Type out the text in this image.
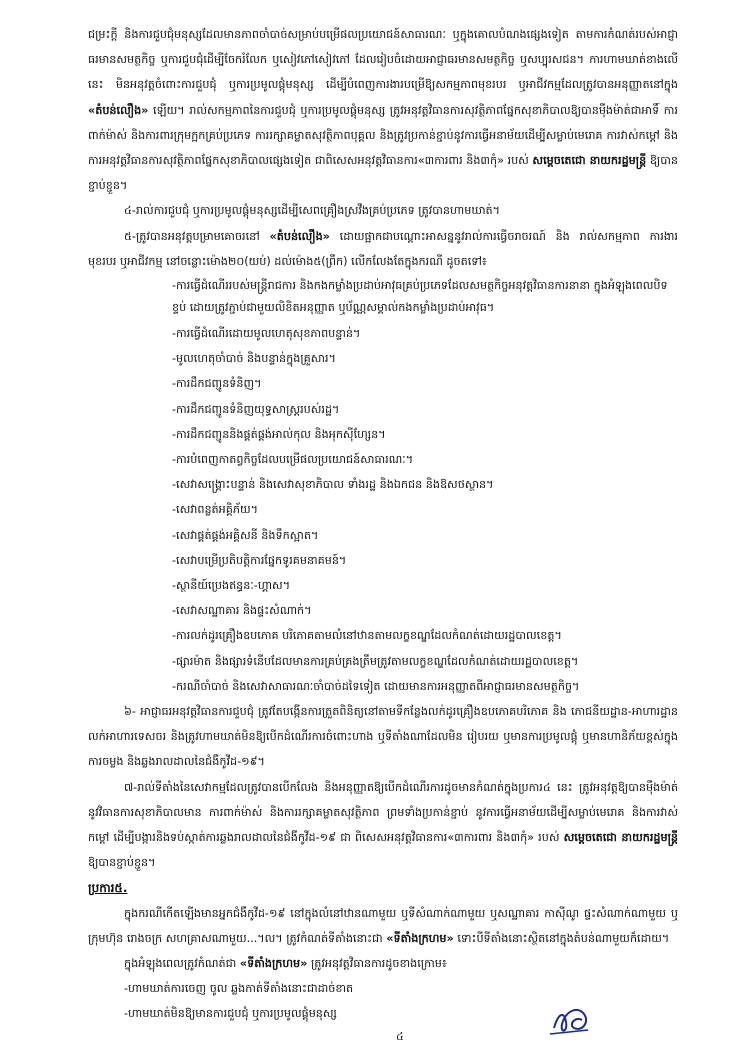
ជម្រះក្តី និងការជួបជុំមនុស្សដែលមានភាពចាំបាច់សម្រាប់បម្រើផលប្រយោជន៍សាធារណៈ ឬក្នុងគោលបំណងផ្សេងទៀត តាមការកំណត់របស់អាជ្ញាធរមានសមត្ថកិច្ច ឬការជួបជុំដើម្បីចែករំលែក ឬសៀវភៅសៀវភៅ ដែលរៀបចំដោយអាជ្ញាធរមានសមត្ថកិច្ច ឬសប្បុរសជន។ ការហាមឃាត់ខាងលើនេះ មិនអនុវត្តចំពោះការជួបជុំ ឬការប្រមូលផ្តុំមនុស្ស ដើម្បីបំពេញការងារបម្រើឱ្យសកម្មភាពមុខរបរ ឬអាជីវកម្មដែលត្រូវបានអនុញ្ញាតនៅក្នុង «តំបន់លឿង» ឡើយ។ រាល់សកម្មភាពនៃការជួបជុំ ឬការប្រមូលផ្តុំមនុស្ស ត្រូវអនុវត្តវិធានការសុវត្ថិភាពផ្នែកសុខាភិបាលឱ្យបានម៉ឺងម៉ាត់ជាអាទិ៍ ការពាក់ម៉ាស់ និងការពារក្រុមក្អកគ្រប់ប្រភេទ ការរក្សាគម្លាតសុវត្ថិភាពបុគ្គល និងត្រូវប្រកាន់ខ្ជាប់នូវការធ្វើអនាម័យដើម្បីសម្លាប់មេរោគ ការវាស់កម្តៅ និងការអនុវត្តវិធានការសុវត្ថិភាពផ្នែកសុខាភិបាលផ្សេងទៀត ជាពិសេសអនុវត្តវិធានការ«៣ការពារ និង៣កុំ» របស់ សម្តេចតេជោ នាយករដ្ឋមន្ត្រី ឱ្យបានខ្ជាប់ខ្ជួន។

៤-រាល់ការជួបជុំ ឬការប្រមូលផ្តុំមនុស្សដើម្បីសេពគ្រឿងស្រវឹងគ្រប់ប្រភេទ ត្រូវបានហាមឃាត់។

៥-ត្រូវបានអនុវត្តបម្រាមគោចរនៅ «តំបន់លឿង» ដោយផ្អាកជាបណ្តោះអាសន្ននូវរាល់ការធ្វើចរាចរណ៍ និង រាល់សកម្មភាព ការងារ មុខរបរ ឬអាជីវកម្ម នៅចន្លោះម៉ោង២០(យប់) ដល់ម៉ោង៥(ព្រឹក) លើកលែងតែក្នុងករណី ដូចតទៅ៖

-ការធ្វើដំណើររបស់មន្រ្តីរាជការ និងកងកម្លាំងប្រដាប់អាវុធគ្រប់ប្រភេទដែលសមត្ថកិច្ចអនុវត្តវិធានការនានា ក្នុងអំឡុងពេលបិទខ្ទប់ ដោយត្រូវភ្ជាប់ជាមួយលិខិតអនុញ្ញាត ឬប័ណ្ណសម្គាល់កងកម្លាំងប្រដាប់អាវុធ។
-ការធ្វើដំណើរដោយមូលហេតុសុខភាពបន្ទាន់។
-មូលហេតុចាំបាច់ និងបន្ទាន់ក្នុងគ្រួសារ។
-ការដឹកជញ្ជូនទំនិញ។
-ការដឹកជញ្ជូនទំនិញយុទ្ធសាស្ត្ររបស់រដ្ឋ។
-ការដឹកជញ្ជូននិងផ្គត់ផ្គង់អាល់កុល និងអុកស៊ីហ្សែន។
-ការបំពេញកាតព្វកិច្ចដែលបម្រើផលប្រយោជន៍សាធារណៈ។
-សេវាសង្គ្រោះបន្ទាន់ និងសេវាសុខាភិបាល ទាំងរដ្ឋ និងឯកជន និងឱសថស្ថាន។
-សេវាពន្លត់អគ្គិភ័យ។
-សេវាផ្គត់ផ្គង់អគ្គិសនី និងទឹកស្អាត។
-សេវាបម្រើប្រតិបត្តិការផ្នែកទូរគមនាគមន៍។
-ស្ថានីយ៍ប្រេងឥន្ធនៈ-ហ្គាស។
-សេវាសណ្ឋាគារ និងផ្ទះសំណាក់។
-ការលក់ដូរគ្រឿងឧបភោគ បរិភោគតាមលំនៅឋានតាមលក្ខខណ្ឌដែលកំណត់ដោយរដ្ឋបាលខេត្ត។
-ផ្សារម៉ាត និងផ្សារទំនើបដែលមានការគ្រប់គ្រងត្រឹមត្រូវតាមលក្ខខណ្ឌដែលកំណត់ដោយរដ្ឋបាលខេត្ត។
-ករណីចាំបាច់ និងសេវាសាធារណៈចាំបាច់ដទៃទៀត ដោយមានការអនុញ្ញាតពីអាជ្ញាធរមានសមត្ថកិច្ច។

៦- អាជ្ញាធរអនុវត្តវិធានការជួបជុំ ត្រូវតែបង្កើនការត្រួតពិនិត្យនៅតាមទីកន្លែងលក់ដូរគ្រឿងឧបភោគបរិភោគ និង ភោជនីយដ្ឋាន-អាហារដ្ឋានលក់អាហារទេសចរ និងត្រូវហាមឃាត់មិនឱ្យបើកដំណើរការចំពោះហាង ឬទីតាំងណាដែលមិន រៀបរយ ឬមានការប្រមូលផ្តុំ ឬមានហានិភ័យខ្ពស់ក្នុងការចម្លង និងឆ្លងរាលដាលនៃជំងឺកូវីដ-១៩។

៧-រាល់ទីតាំងនៃសេវាកម្មដែលត្រូវបានបើកលែង និងអនុញ្ញាតឱ្យបើកដំណើរការដូចមានកំណត់ក្នុងប្រការ៤ នេះ ត្រូវអនុវត្តឱ្យបានម៉ឺងម៉ាត់នូវវិធានការសុខាភិបាលមាន ការពាក់ម៉ាស់ និងការរក្សាគម្លាតសុវត្ថិភាព ព្រមទាំងប្រកាន់ខ្ជាប់ នូវការធ្វើអនាម័យដើម្បីសម្លាប់មេរោគ និងការវាស់កម្តៅ ដើម្បីបង្ការនិងទប់ស្កាត់ការឆ្លងរាលដាលនៃជំងឺកូវីដ-១៩ ជា ពិសេសអនុវត្តវិធានការ«៣ការពារ និង៣កុំ» របស់ សម្តេចតេជោ នាយករដ្ឋមន្ត្រី ឱ្យបានខ្ជាប់ខ្ជួន។

ប្រការ៥.

ក្នុងករណីកើតឡើងមានអ្នកជំងឺកូវីដ-១៩ នៅក្នុងលំនៅឋានណាមួយ ឬទីសំណាក់ណាមួយ ឬសណ្ឋាគារ កាស៊ីណូ ផ្ទះសំណាក់ណាមួយ ឬក្រុមហ៊ុន រោងចក្រ សហគ្រាសណាមួយ...។ល។ ត្រូវកំណត់ទីតាំងនោះជា «ទីតាំងក្រហម» ទោះបីទីតាំងនោះស្ថិតនៅក្នុងតំបន់ណាមួយក៏ដោយ។

ក្នុងអំឡុងពេលត្រូវកំណត់ជា «ទីតាំងក្រហម» ត្រូវអនុវត្តវិធានការដូចខាងក្រោម៖

-ហាមឃាត់ការចេញ ចូល ឆ្លងកាត់ទីតាំងនោះជាដាច់ខាត
-ហាមឃាត់មិនឱ្យមានការជួបជុំ ឬការប្រមូលផ្តុំមនុស្ស
៤
